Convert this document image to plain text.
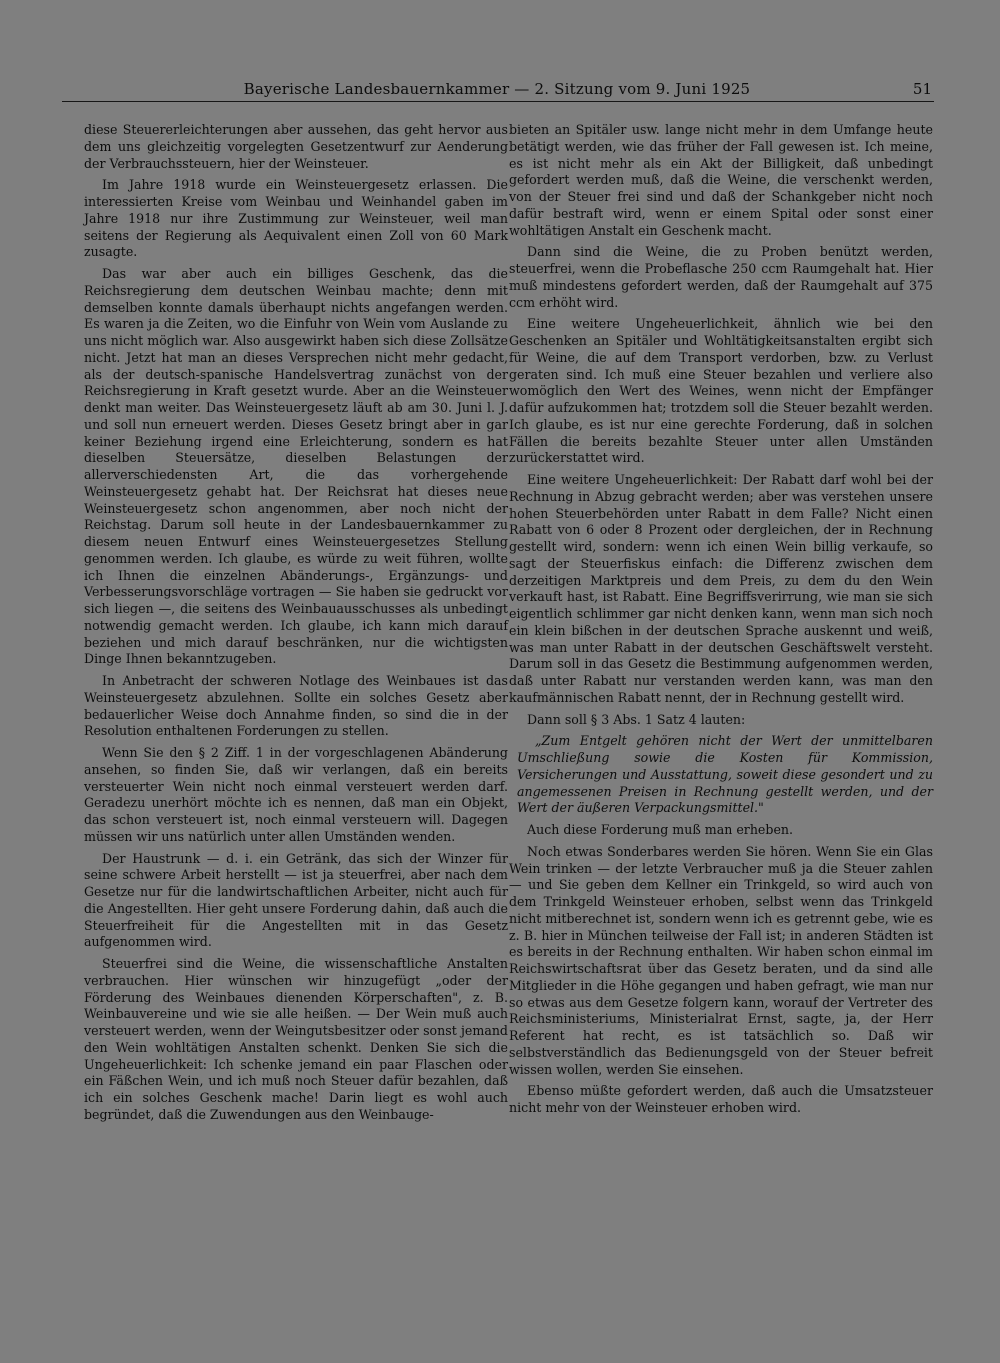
Bayerische Landesbauernkammer — 2. Sitzung vom 9. Juni 1925	51

diese Steuererleichterungen aber aussehen, das geht hervor aus dem uns gleichzeitig vorgelegten Gesetzentwurf zur Aenderung der Verbrauchssteuern, hier der Weinsteuer.

Im Jahre 1918 wurde ein Weinsteuergesetz erlassen. Die interessierten Kreise vom Weinbau und Weinhandel gaben im Jahre 1918 nur ihre Zustimmung zur Weinsteuer, weil man seitens der Regierung als Aequivalent einen Zoll von 60 Mark zusagte.

Das war aber auch ein billiges Geschenk, das die Reichsregierung dem deutschen Weinbau machte; denn mit demselben konnte damals überhaupt nichts angefangen werden. Es waren ja die Zeiten, wo die Einfuhr von Wein vom Auslande zu uns nicht möglich war. Also ausgewirkt haben sich diese Zollsätze nicht. Jetzt hat man an dieses Versprechen nicht mehr gedacht, als der deutsch-spanische Handelsvertrag zunächst von der Reichsregierung in Kraft gesetzt wurde. Aber an die Weinsteuer denkt man weiter. Das Weinsteuergesetz läuft ab am 30. Juni l. J. und soll nun erneuert werden. Dieses Gesetz bringt aber in gar keiner Beziehung irgend eine Erleichterung, sondern es hat dieselben Steuersätze, dieselben Belastungen der allerverschiedensten Art, die das vorhergehende Weinsteuergesetz gehabt hat. Der Reichsrat hat dieses neue Weinsteuergesetz schon angenommen, aber noch nicht der Reichstag. Darum soll heute in der Landesbauernkammer zu diesem neuen Entwurf eines Weinsteuergesetzes Stellung genommen werden. Ich glaube, es würde zu weit führen, wollte ich Ihnen die einzelnen Abänderungs-, Ergänzungs- und Verbesserungsvorschläge vortragen — Sie haben sie gedruckt vor sich liegen —, die seitens des Weinbauausschusses als unbedingt notwendig gemacht werden. Ich glaube, ich kann mich darauf beziehen und mich darauf beschränken, nur die wichtigsten Dinge Ihnen bekanntzugeben.

In Anbetracht der schweren Notlage des Weinbaues ist das Weinsteuergesetz abzulehnen. Sollte ein solches Gesetz aber bedauerlicher Weise doch Annahme finden, so sind die in der Resolution enthaltenen Forderungen zu stellen.

Wenn Sie den § 2 Ziff. 1 in der vorgeschlagenen Abänderung ansehen, so finden Sie, daß wir verlangen, daß ein bereits versteuerter Wein nicht noch einmal versteuert werden darf. Geradezu unerhört möchte ich es nennen, daß man ein Objekt, das schon versteuert ist, noch einmal versteuern will. Dagegen müssen wir uns natürlich unter allen Umständen wenden.

Der Haustrunk — d. i. ein Getränk, das sich der Winzer für seine schwere Arbeit herstellt — ist ja steuerfrei, aber nach dem Gesetze nur für die landwirtschaftlichen Arbeiter, nicht auch für die Angestellten. Hier geht unsere Forderung dahin, daß auch die Steuerfreiheit für die Angestellten mit in das Gesetz aufgenommen wird.

Steuerfrei sind die Weine, die wissenschaftliche Anstalten verbrauchen. Hier wünschen wir hinzugefügt „oder der Förderung des Weinbaues dienenden Körperschaften", z. B. Weinbauvereine und wie sie alle heißen. — Der Wein muß auch versteuert werden, wenn der Weingutsbesitzer oder sonst jemand den Wein wohltätigen Anstalten schenkt. Denken Sie sich die Ungeheuerlichkeit: Ich schenke jemand ein paar Flaschen oder ein Fäßchen Wein, und ich muß noch Steuer dafür bezahlen, daß ich ein solches Geschenk mache! Darin liegt es wohl auch begründet, daß die Zuwendungen aus den Weinbauge-

bieten an Spitäler usw. lange nicht mehr in dem Umfange heute betätigt werden, wie das früher der Fall gewesen ist. Ich meine, es ist nicht mehr als ein Akt der Billigkeit, daß unbedingt gefordert werden muß, daß die Weine, die verschenkt werden, von der Steuer frei sind und daß der Schankgeber nicht noch dafür bestraft wird, wenn er einem Spital oder sonst einer wohltätigen Anstalt ein Geschenk macht.

Dann sind die Weine, die zu Proben benützt werden, steuerfrei, wenn die Probeflasche 250 ccm Raumgehalt hat. Hier muß mindestens gefordert werden, daß der Raumgehalt auf 375 ccm erhöht wird.

Eine weitere Ungeheuerlichkeit, ähnlich wie bei den Geschenken an Spitäler und Wohltätigkeitsanstalten ergibt sich für Weine, die auf dem Transport verdorben, bzw. zu Verlust geraten sind. Ich muß eine Steuer bezahlen und verliere also womöglich den Wert des Weines, wenn nicht der Empfänger dafür aufzukommen hat; trotzdem soll die Steuer bezahlt werden. Ich glaube, es ist nur eine gerechte Forderung, daß in solchen Fällen die bereits bezahlte Steuer unter allen Umständen zurückerstattet wird.

Eine weitere Ungeheuerlichkeit: Der Rabatt darf wohl bei der Rechnung in Abzug gebracht werden; aber was verstehen unsere hohen Steuerbehörden unter Rabatt in dem Falle? Nicht einen Rabatt von 6 oder 8 Prozent oder dergleichen, der in Rechnung gestellt wird, sondern: wenn ich einen Wein billig verkaufe, so sagt der Steuerfiskus einfach: die Differenz zwischen dem derzeitigen Marktpreis und dem Preis, zu dem du den Wein verkauft hast, ist Rabatt. Eine Begriffsverirrung, wie man sie sich eigentlich schlimmer gar nicht denken kann, wenn man sich noch ein klein bißchen in der deutschen Sprache auskennt und weiß, was man unter Rabatt in der deutschen Geschäftswelt versteht. Darum soll in das Gesetz die Bestimmung aufgenommen werden, daß unter Rabatt nur verstanden werden kann, was man den kaufmännischen Rabatt nennt, der in Rechnung gestellt wird.

Dann soll § 3 Abs. 1 Satz 4 lauten:

„Zum Entgelt gehören nicht der Wert der unmittelbaren Umschließung sowie die Kosten für Kommission, Versicherungen und Ausstattung, soweit diese gesondert und zu angemessenen Preisen in Rechnung gestellt werden, und der Wert der äußeren Verpackungsmittel."

Auch diese Forderung muß man erheben.

Noch etwas Sonderbares werden Sie hören. Wenn Sie ein Glas Wein trinken — der letzte Verbraucher muß ja die Steuer zahlen — und Sie geben dem Kellner ein Trinkgeld, so wird auch von dem Trinkgeld Weinsteuer erhoben, selbst wenn das Trinkgeld nicht mitberechnet ist, sondern wenn ich es getrennt gebe, wie es z. B. hier in München teilweise der Fall ist; in anderen Städten ist es bereits in der Rechnung enthalten. Wir haben schon einmal im Reichswirtschaftsrat über das Gesetz beraten, und da sind alle Mitglieder in die Höhe gegangen und haben gefragt, wie man nur so etwas aus dem Gesetze folgern kann, worauf der Vertreter des Reichsministeriums, Ministerialrat Ernst, sagte, ja, der Herr Referent hat recht, es ist tatsächlich so. Daß wir selbstverständlich das Bedienungsgeld von der Steuer befreit wissen wollen, werden Sie einsehen.

Ebenso müßte gefordert werden, daß auch die Umsatzsteuer nicht mehr von der Weinsteuer erhoben wird.
